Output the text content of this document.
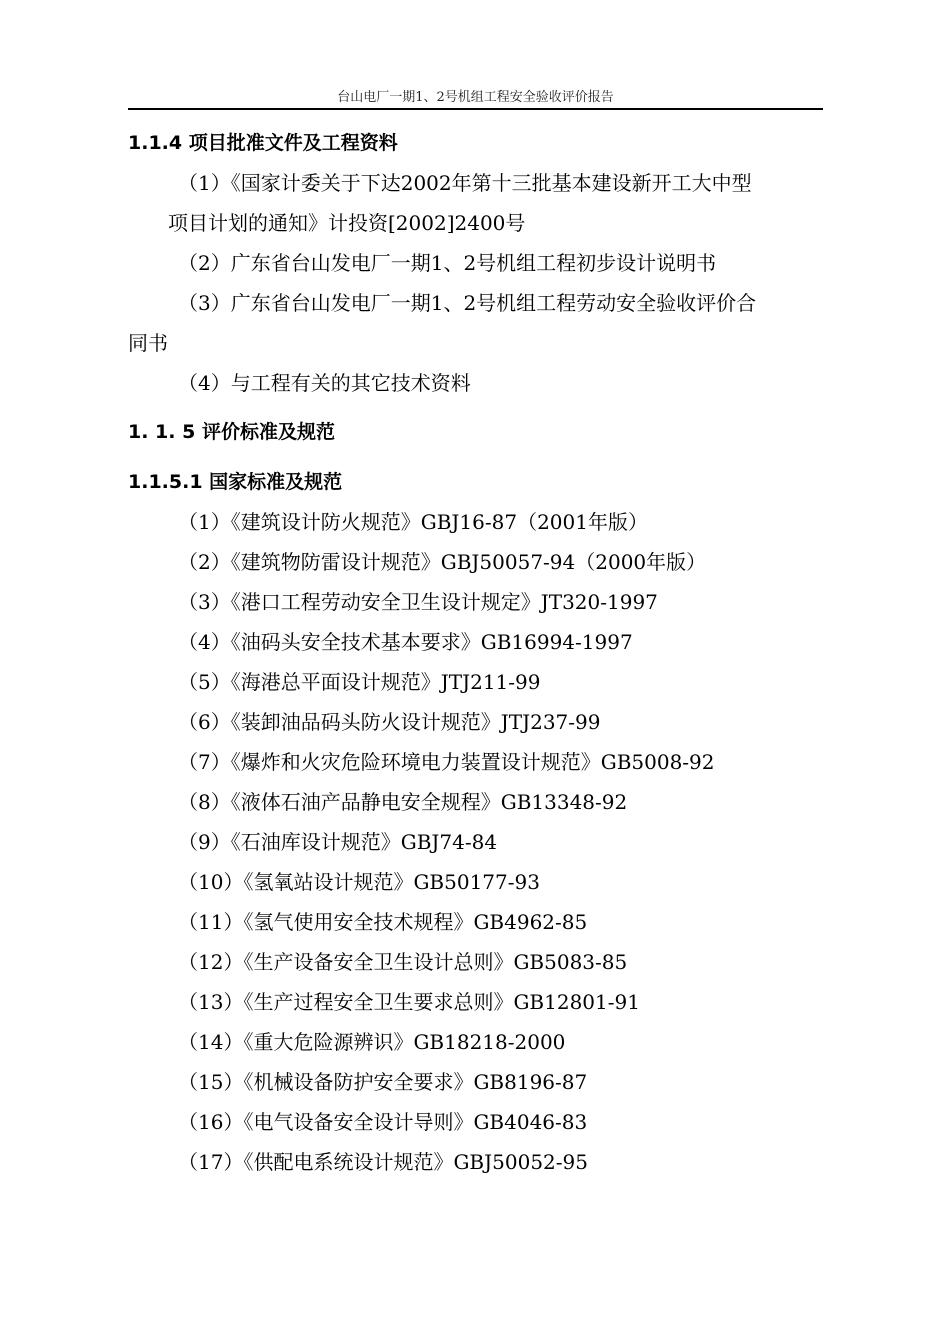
台山电厂一期1、2号机组工程安全验收评价报告
1.1.4 项目批准文件及工程资料
（1）《国家计委关于下达2002年第十三批基本建设新开工大中型
项目计划的通知》计投资[2002]2400号
（2）广东省台山发电厂一期1、2号机组工程初步设计说明书
（3）广东省台山发电厂一期1、2号机组工程劳动安全验收评价合
同书
（4）与工程有关的其它技术资料
1. 1. 5 评价标准及规范
1.1.5.1 国家标准及规范
（1）《建筑设计防火规范》GBJ16-87（2001年版）
（2）《建筑物防雷设计规范》GBJ50057-94（2000年版）
（3）《港口工程劳动安全卫生设计规定》JT320-1997
（4）《油码头安全技术基本要求》GB16994-1997
（5）《海港总平面设计规范》JTJ211-99
（6）《装卸油品码头防火设计规范》JTJ237-99
（7）《爆炸和火灾危险环境电力装置设计规范》GB5008-92
（8）《液体石油产品静电安全规程》GB13348-92
（9）《石油库设计规范》GBJ74-84
（10）《氢氧站设计规范》GB50177-93
（11）《氢气使用安全技术规程》GB4962-85
（12）《生产设备安全卫生设计总则》GB5083-85
（13）《生产过程安全卫生要求总则》GB12801-91
（14）《重大危险源辨识》GB18218-2000
（15）《机械设备防护安全要求》GB8196-87
（16）《电气设备安全设计导则》GB4046-83
（17）《供配电系统设计规范》GBJ50052-95
